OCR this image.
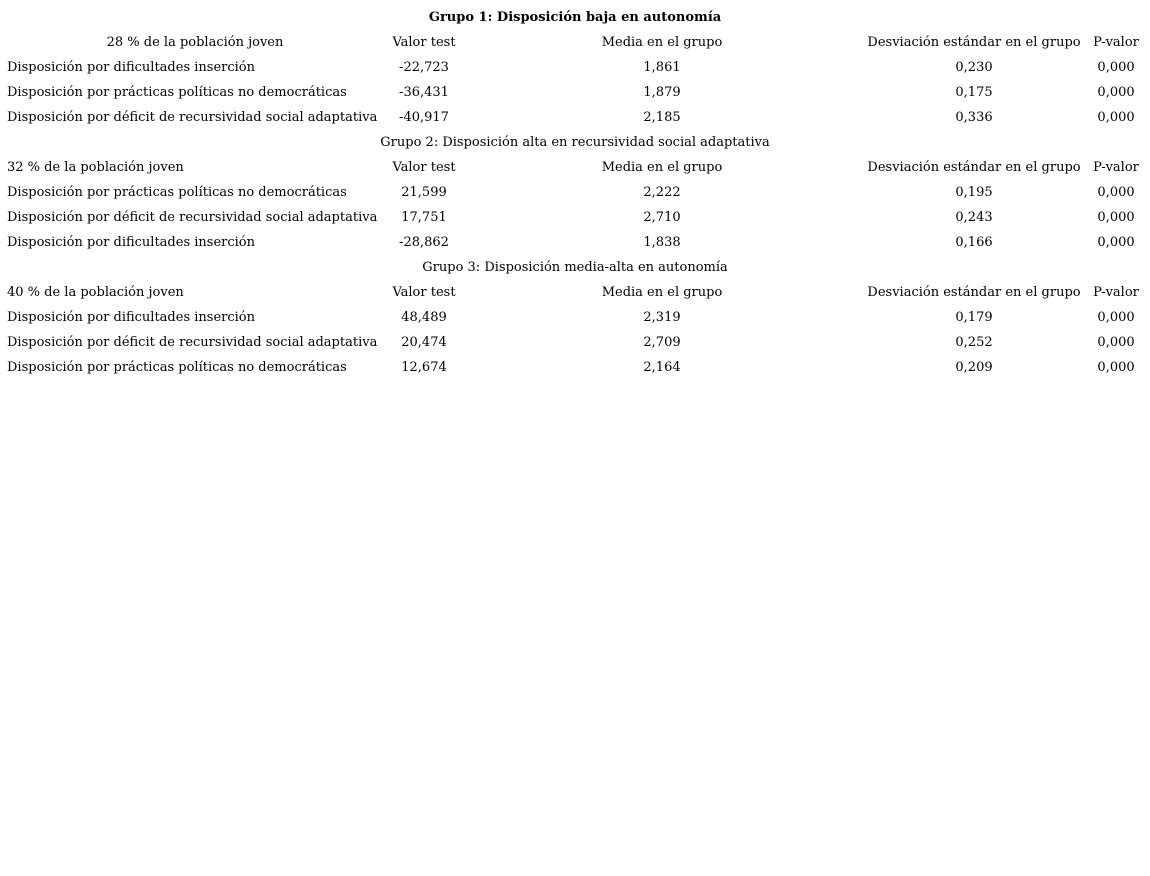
Grupo 1: Disposición baja en autonomía				
28 % de la población joven	Valor test	Media en el grupo	Desviación estándar en el grupo	P-valor
Disposición por dificultades inserción	-22,723	1,861	0,230	0,000
Disposición por prácticas políticas no democráticas	-36,431	1,879	0,175	0,000
Disposición por déficit de recursividad social adaptativa	-40,917	2,185	0,336	0,000
Grupo 2: Disposición alta en recursividad social adaptativa				
32 % de la población joven	Valor test	Media en el grupo	Desviación estándar en el grupo	P-valor
Disposición por prácticas políticas no democráticas	21,599	2,222	0,195	0,000
Disposición por déficit de recursividad social adaptativa	17,751	2,710	0,243	0,000
Disposición por dificultades inserción	-28,862	1,838	0,166	0,000
Grupo 3: Disposición media-alta en autonomía				
40 % de la población joven	Valor test	Media en el grupo	Desviación estándar en el grupo	P-valor
Disposición por dificultades inserción	48,489	2,319	0,179	0,000
Disposición por déficit de recursividad social adaptativa	20,474	2,709	0,252	0,000
Disposición por prácticas políticas no democráticas	12,674	2,164	0,209	0,000
